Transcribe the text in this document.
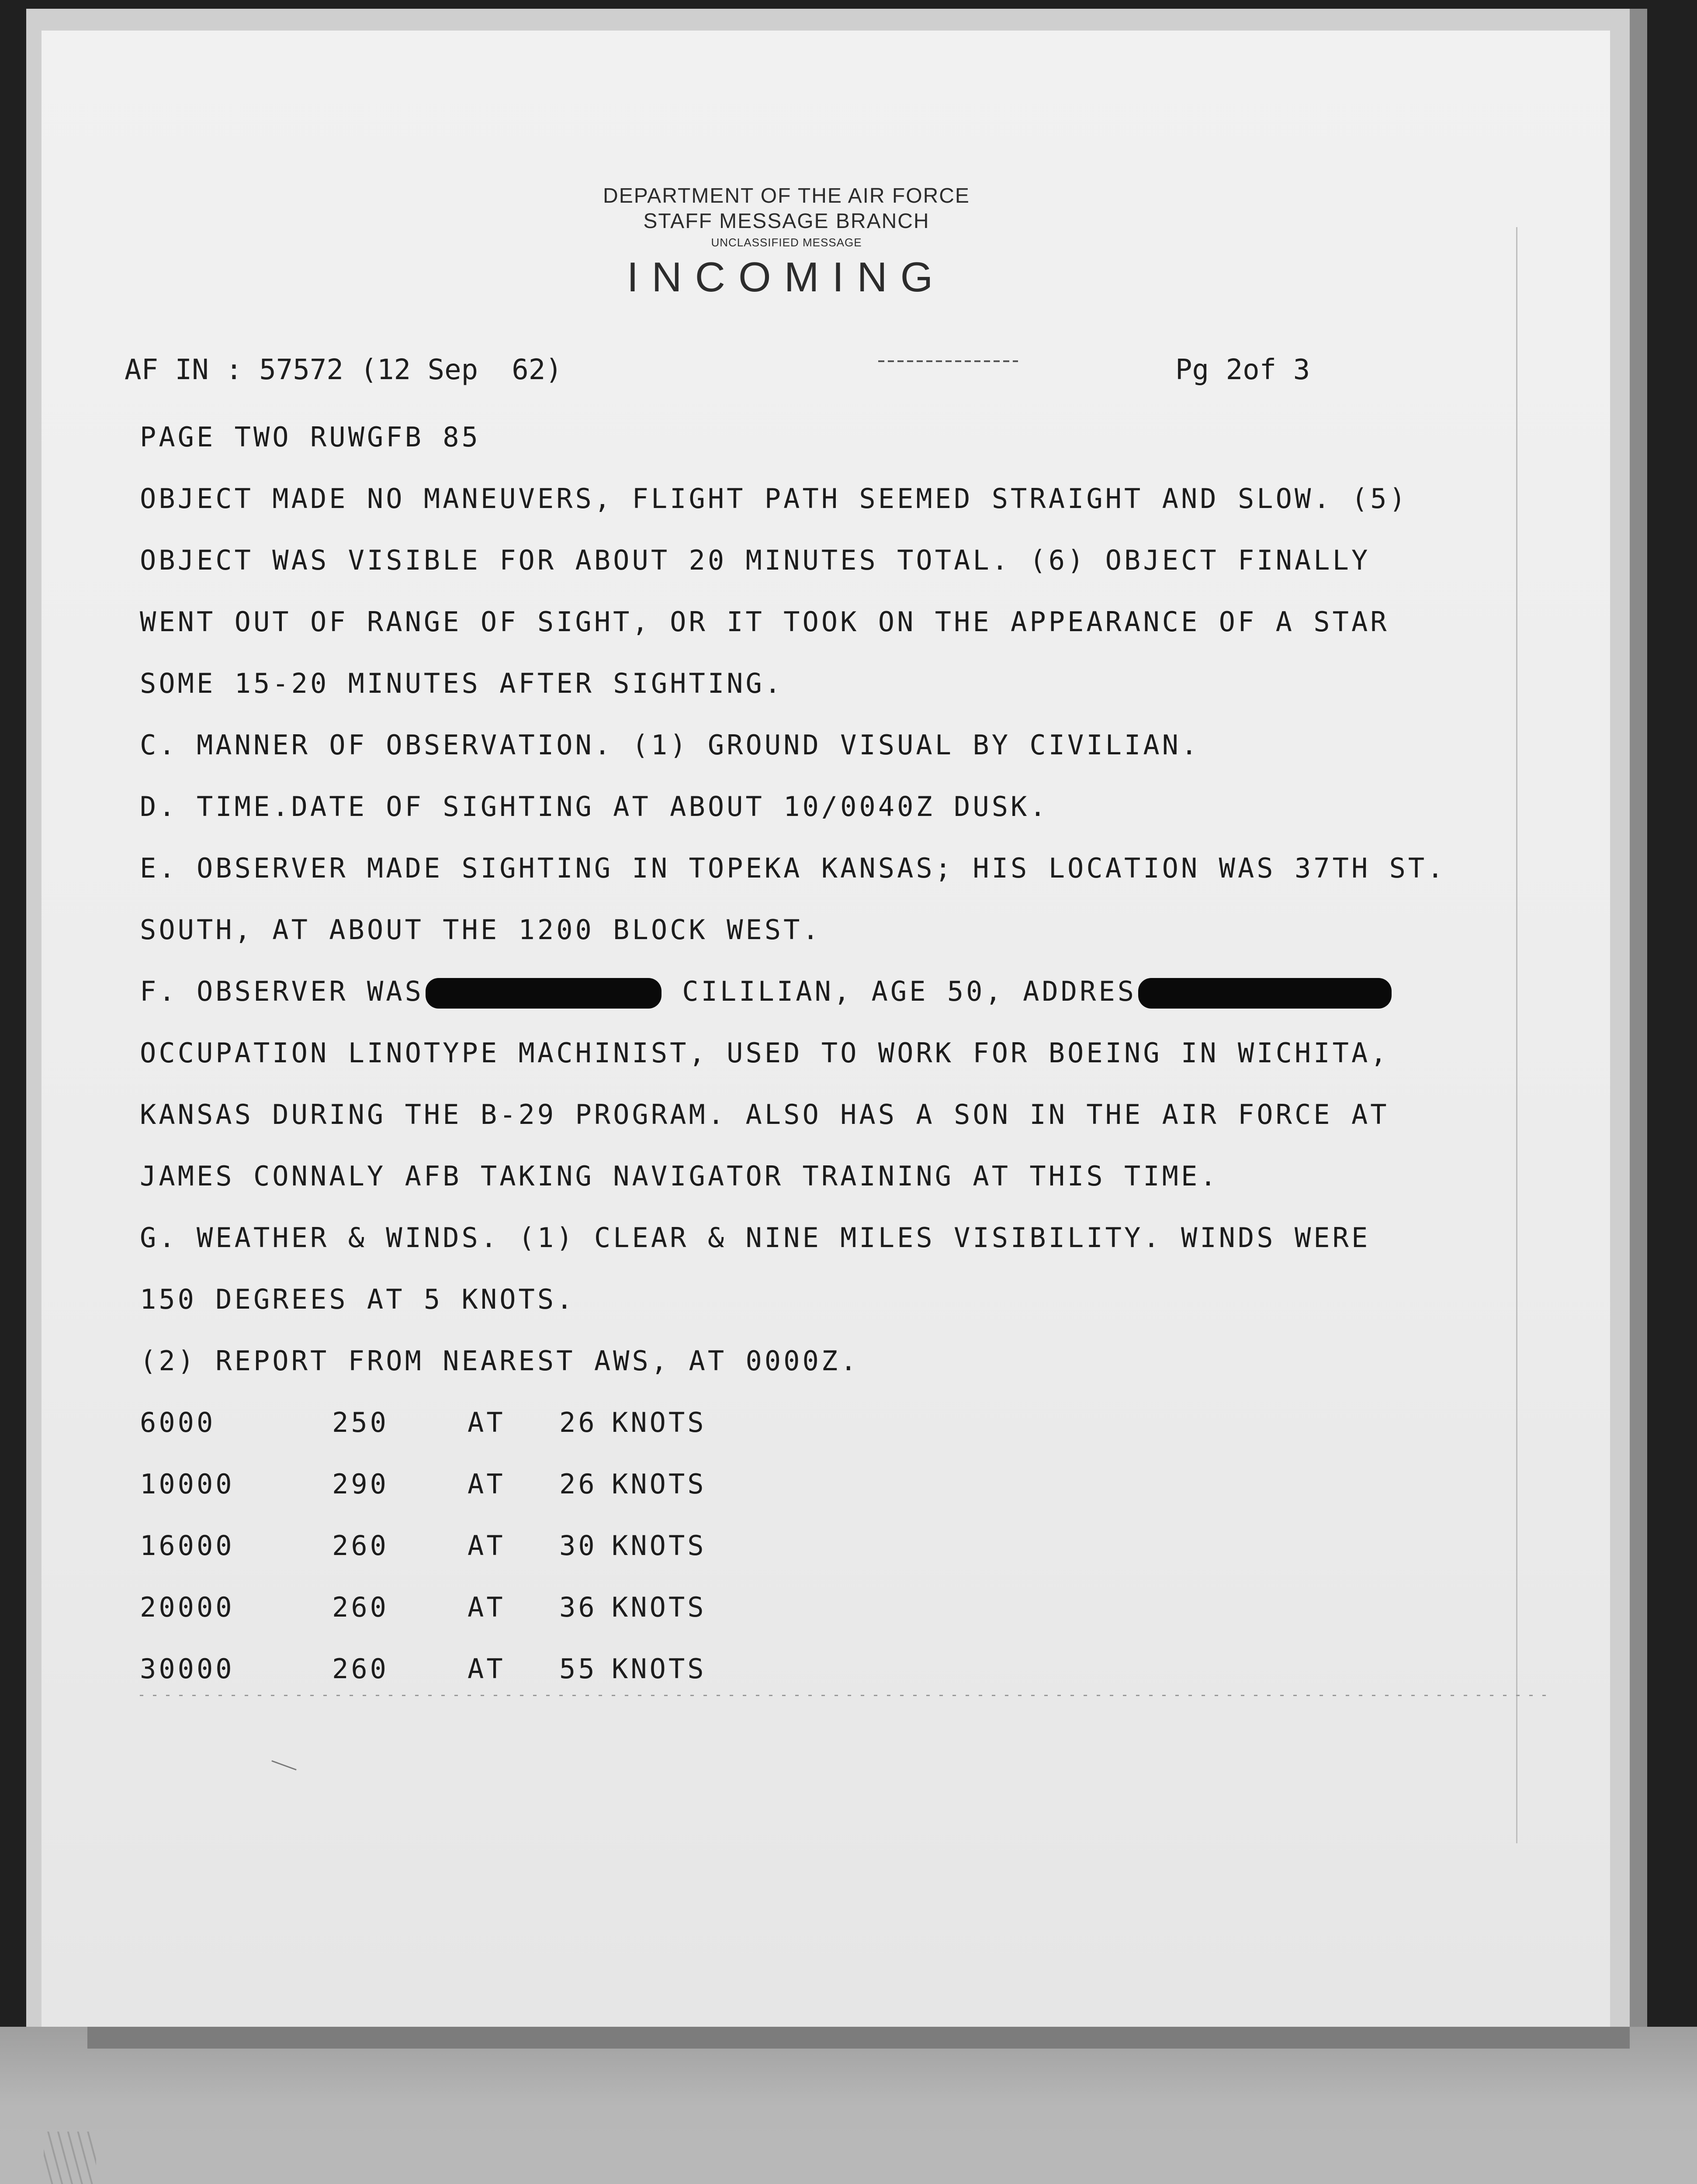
DEPARTMENT OF THE AIR FORCE
STAFF MESSAGE BRANCH
UNCLASSIFIED MESSAGE
INCOMING
AF IN : 57572 (12 Sep  62)	Pg 2of 3
PAGE TWO RUWGFB 85
OBJECT MADE NO MANEUVERS, FLIGHT PATH SEEMED STRAIGHT AND SLOW. (5)
OBJECT WAS VISIBLE FOR ABOUT 20 MINUTES TOTAL. (6) OBJECT FINALLY
WENT OUT OF RANGE OF SIGHT, OR IT TOOK ON THE APPEARANCE OF A STAR
SOME 15-20 MINUTES AFTER SIGHTING.
C. MANNER OF OBSERVATION. (1) GROUND VISUAL BY CIVILIAN.
D. TIME.DATE OF SIGHTING AT ABOUT 10/0040Z DUSK.
E. OBSERVER MADE SIGHTING IN TOPEKA KANSAS; HIS LOCATION WAS 37TH ST.
SOUTH, AT ABOUT THE 1200 BLOCK WEST.
F. OBSERVER WAS	CILILIAN, AGE 50, ADDRES
OCCUPATION LINOTYPE MACHINIST, USED TO WORK FOR BOEING IN WICHITA,
KANSAS DURING THE B-29 PROGRAM. ALSO HAS A SON IN THE AIR FORCE AT
JAMES CONNALY AFB TAKING NAVIGATOR TRAINING AT THIS TIME.
G. WEATHER & WINDS. (1) CLEAR & NINE MILES VISIBILITY. WINDS WERE
150 DEGREES AT 5 KNOTS.
(2) REPORT FROM NEAREST AWS, AT 0000Z.
6000	250	AT	26 KNOTS
10000	290	AT	26 KNOTS
16000	260	AT	30 KNOTS
20000	260	AT	36 KNOTS
30000	260	AT	55 KNOTS
